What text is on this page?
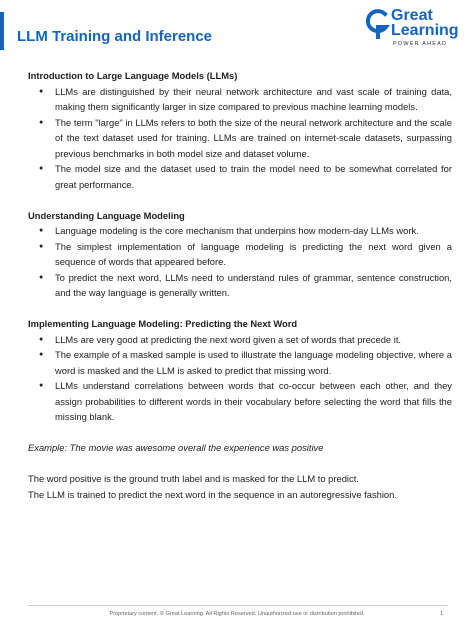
LLM Training and Inference
Great
Learning
POWER AHEAD

Introduction to Large Language Models (LLMs)

● LLMs are distinguished by their neural network architecture and vast scale of training data, making them significantly larger in size compared to previous machine learning models.
● The term "large" in LLMs refers to both the size of the neural network architecture and the scale of the text dataset used for training. LLMs are trained on internet-scale datasets, surpassing previous benchmarks in both model size and dataset volume.
● The model size and the dataset used to train the model need to be somewhat correlated for great performance.

Understanding Language Modeling

● Language modeling is the core mechanism that underpins how modern-day LLMs work.
● The simplest implementation of language modeling is predicting the next word given a sequence of words that appeared before.
● To predict the next word, LLMs need to understand rules of grammar, sentence construction, and the way language is generally written.

Implementing Language Modeling: Predicting the Next Word

● LLMs are very good at predicting the next word given a set of words that precede it.
● The example of a masked sample is used to illustrate the language modeling objective, where a word is masked and the LLM is asked to predict that missing word.
● LLMs understand correlations between words that co-occur between each other, and they assign probabilities to different words in their vocabulary before selecting the word that fills the missing blank.

Example: The movie was awesome overall the experience was positive

The word positive is the ground truth label and is masked for the LLM to predict.

The LLM is trained to predict the next word in the sequence in an autoregressive fashion.

Proprietary content. © Great Learning. All Rights Reserved. Unauthorized use or distribution prohibited.	1
